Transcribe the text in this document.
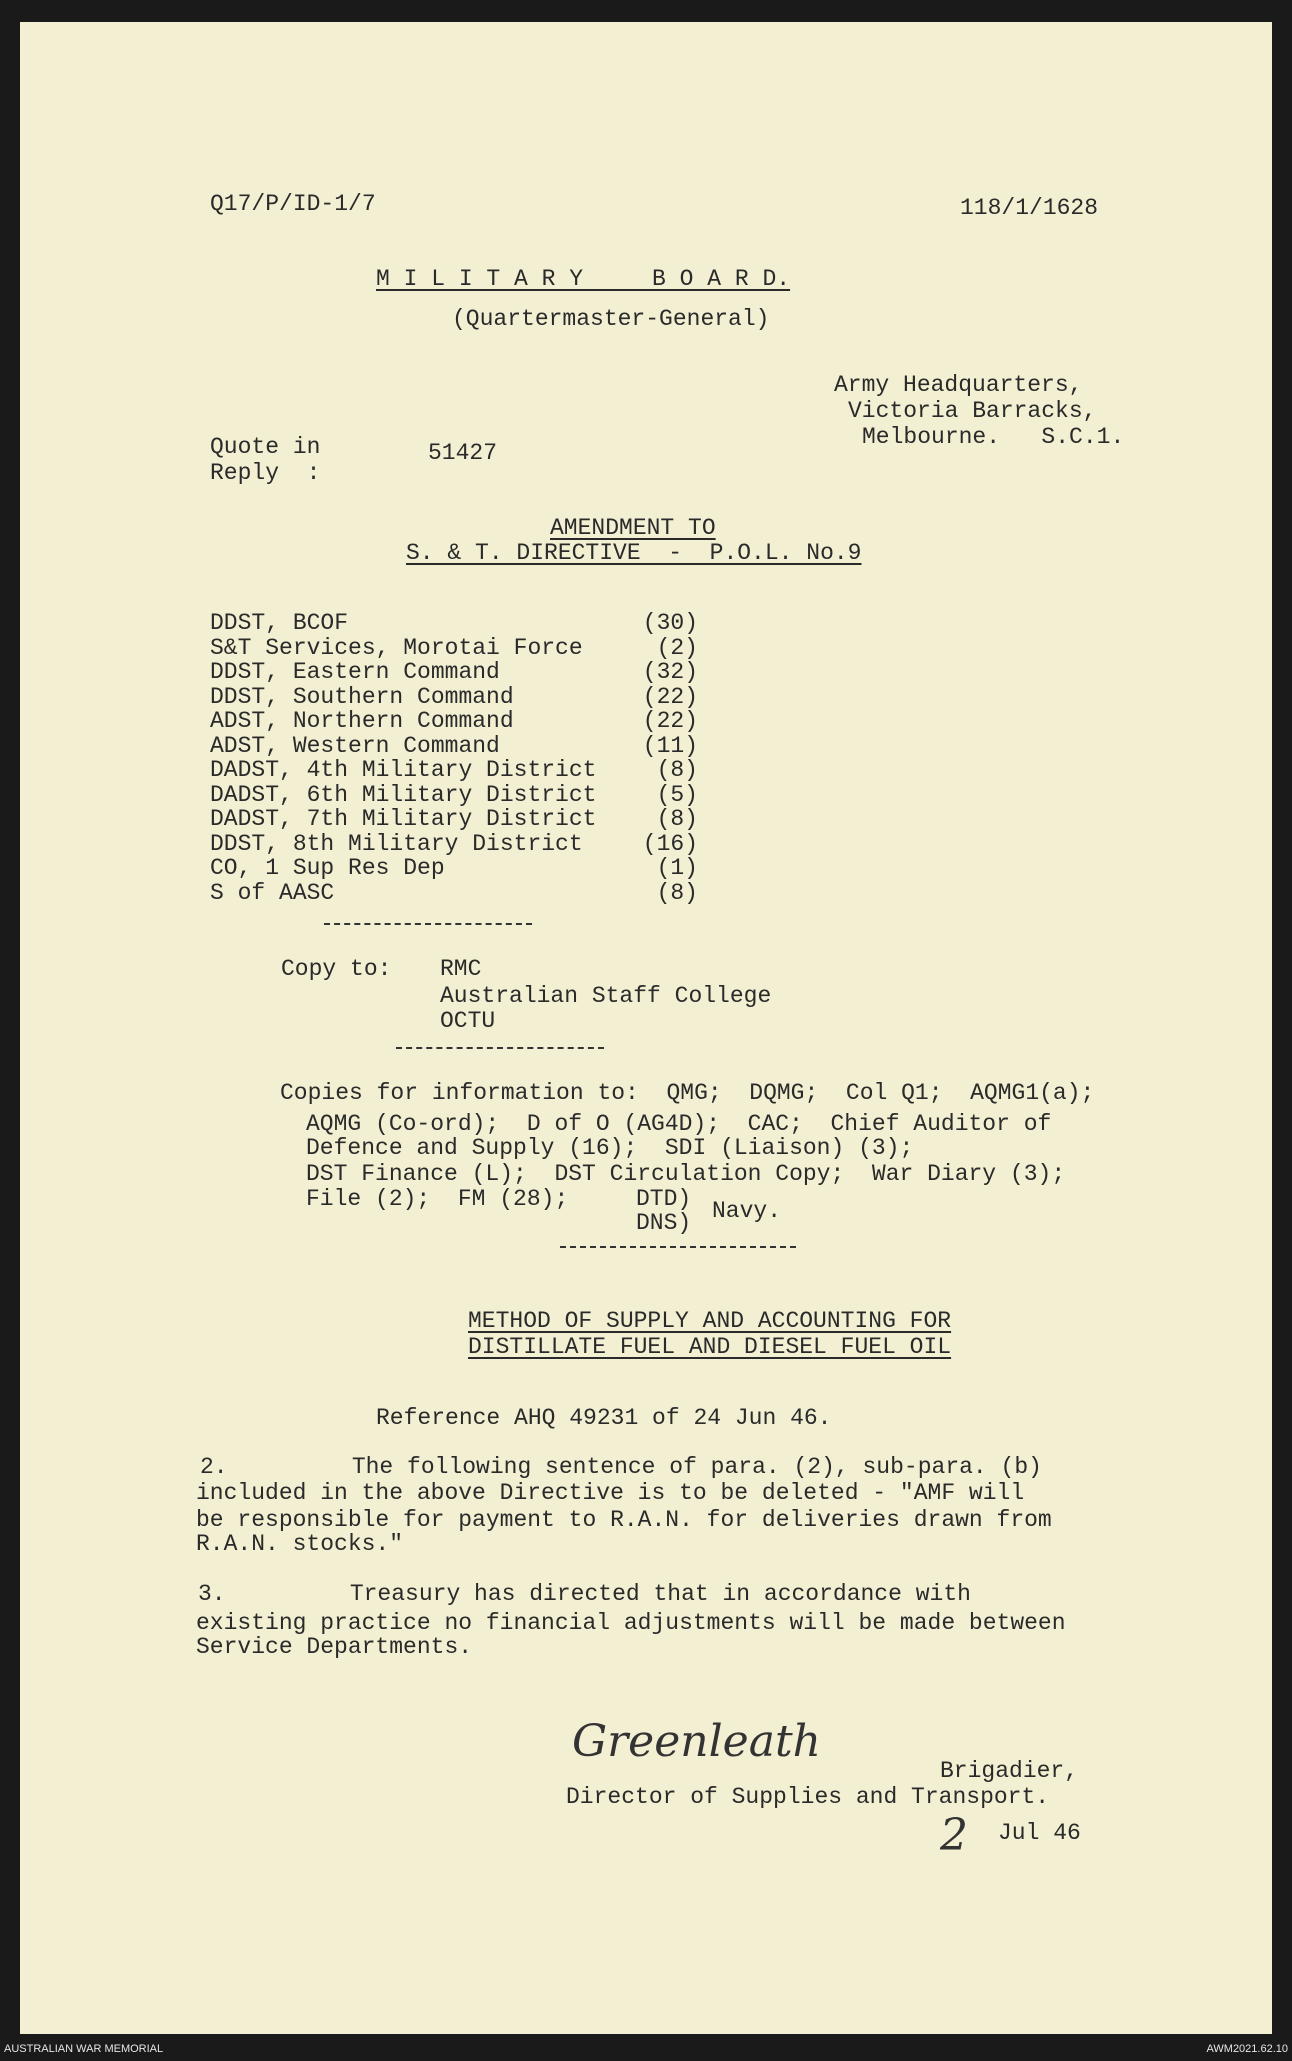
Q17/P/ID-1/7	118/1/1628
M I L I T A R Y     B O A R D.
(Quartermaster-General)
Army Headquarters,
Victoria Barracks,
Melbourne.   S.C.1.
Quote in
Reply  :
51427
AMENDMENT TO
S. & T. DIRECTIVE  -  P.O.L. No.9
DDST, BCOF	(30)
S&T Services, Morotai Force	(2)
DDST, Eastern Command	(32)
DDST, Southern Command	(22)
ADST, Northern Command	(22)
ADST, Western Command	(11)
DADST, 4th Military District	(8)
DADST, 6th Military District	(5)
DADST, 7th Military District	(8)
DDST, 8th Military District	(16)
CO, 1 Sup Res Dep	(1)
S of AASC	(8)
Copy to: RMC
Australian Staff College
OCTU
Copies for information to:  QMG;  DQMG;  Col Q1;  AQMG1(a);
AQMG (Co-ord);  D of O (AG4D);  CAC;  Chief Auditor of
Defence and Supply (16);  SDI (Liaison) (3);
DST Finance (L);  DST Circulation Copy;  War Diary (3);
File (2);  FM (28);	DTD)
DNS) Navy.
METHOD OF SUPPLY AND ACCOUNTING FOR
DISTILLATE FUEL AND DIESEL FUEL OIL
Reference AHQ 49231 of 24 Jun 46.
2.         The following sentence of para. (2), sub-para. (b)
included in the above Directive is to be deleted - "AMF will
be responsible for payment to R.A.N. for deliveries drawn from
R.A.N. stocks."
3.         Treasury has directed that in accordance with
existing practice no financial adjustments will be made between
Service Departments.
Greenleath
Brigadier,
Director of Supplies and Transport.
2 Jul 46
AUSTRALIAN WAR MEMORIAL	AWM2021.62.10
